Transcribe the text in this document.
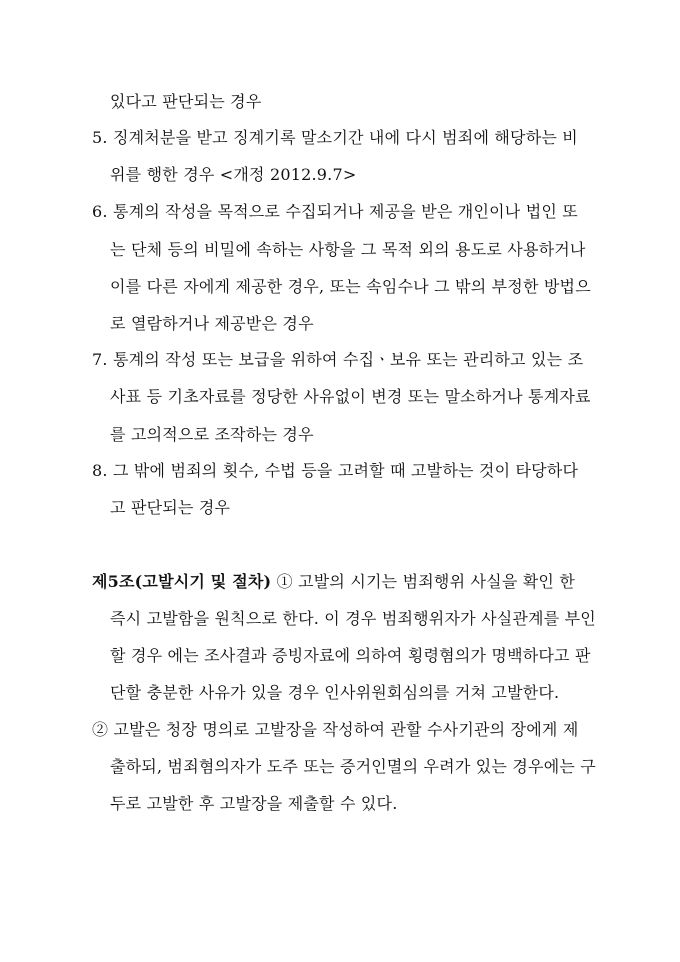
있다고 판단되는 경우
5. 징계처분을 받고 징계기록 말소기간 내에 다시 범죄에 해당하는 비
위를 행한 경우 <개정 2012.9.7>
6. 통계의 작성을 목적으로 수집되거나 제공을 받은 개인이나 법인 또
는 단체 등의 비밀에 속하는 사항을 그 목적 외의 용도로 사용하거나
이를 다른 자에게 제공한 경우, 또는 속임수나 그 밖의 부정한 방법으
로 열람하거나 제공받은 경우
7. 통계의 작성 또는 보급을 위하여 수집ㆍ보유 또는 관리하고 있는 조
사표 등 기초자료를 정당한 사유없이 변경 또는 말소하거나 통계자료
를 고의적으로 조작하는 경우
8. 그 밖에 범죄의 횟수, 수법 등을 고려할 때 고발하는 것이 타당하다
고 판단되는 경우
제5조(고발시기 및 절차) ① 고발의 시기는 범죄행위 사실을 확인 한
즉시 고발함을 원칙으로 한다. 이 경우 범죄행위자가 사실관계를 부인
할 경우 에는 조사결과 증빙자료에 의하여 횡령혐의가 명백하다고 판
단할 충분한 사유가 있을 경우 인사위원회심의를 거쳐 고발한다.
② 고발은 청장 명의로 고발장을 작성하여 관할 수사기관의 장에게 제
출하되, 범죄혐의자가 도주 또는 증거인멸의 우려가 있는 경우에는 구
두로 고발한 후 고발장을 제출할 수 있다.
